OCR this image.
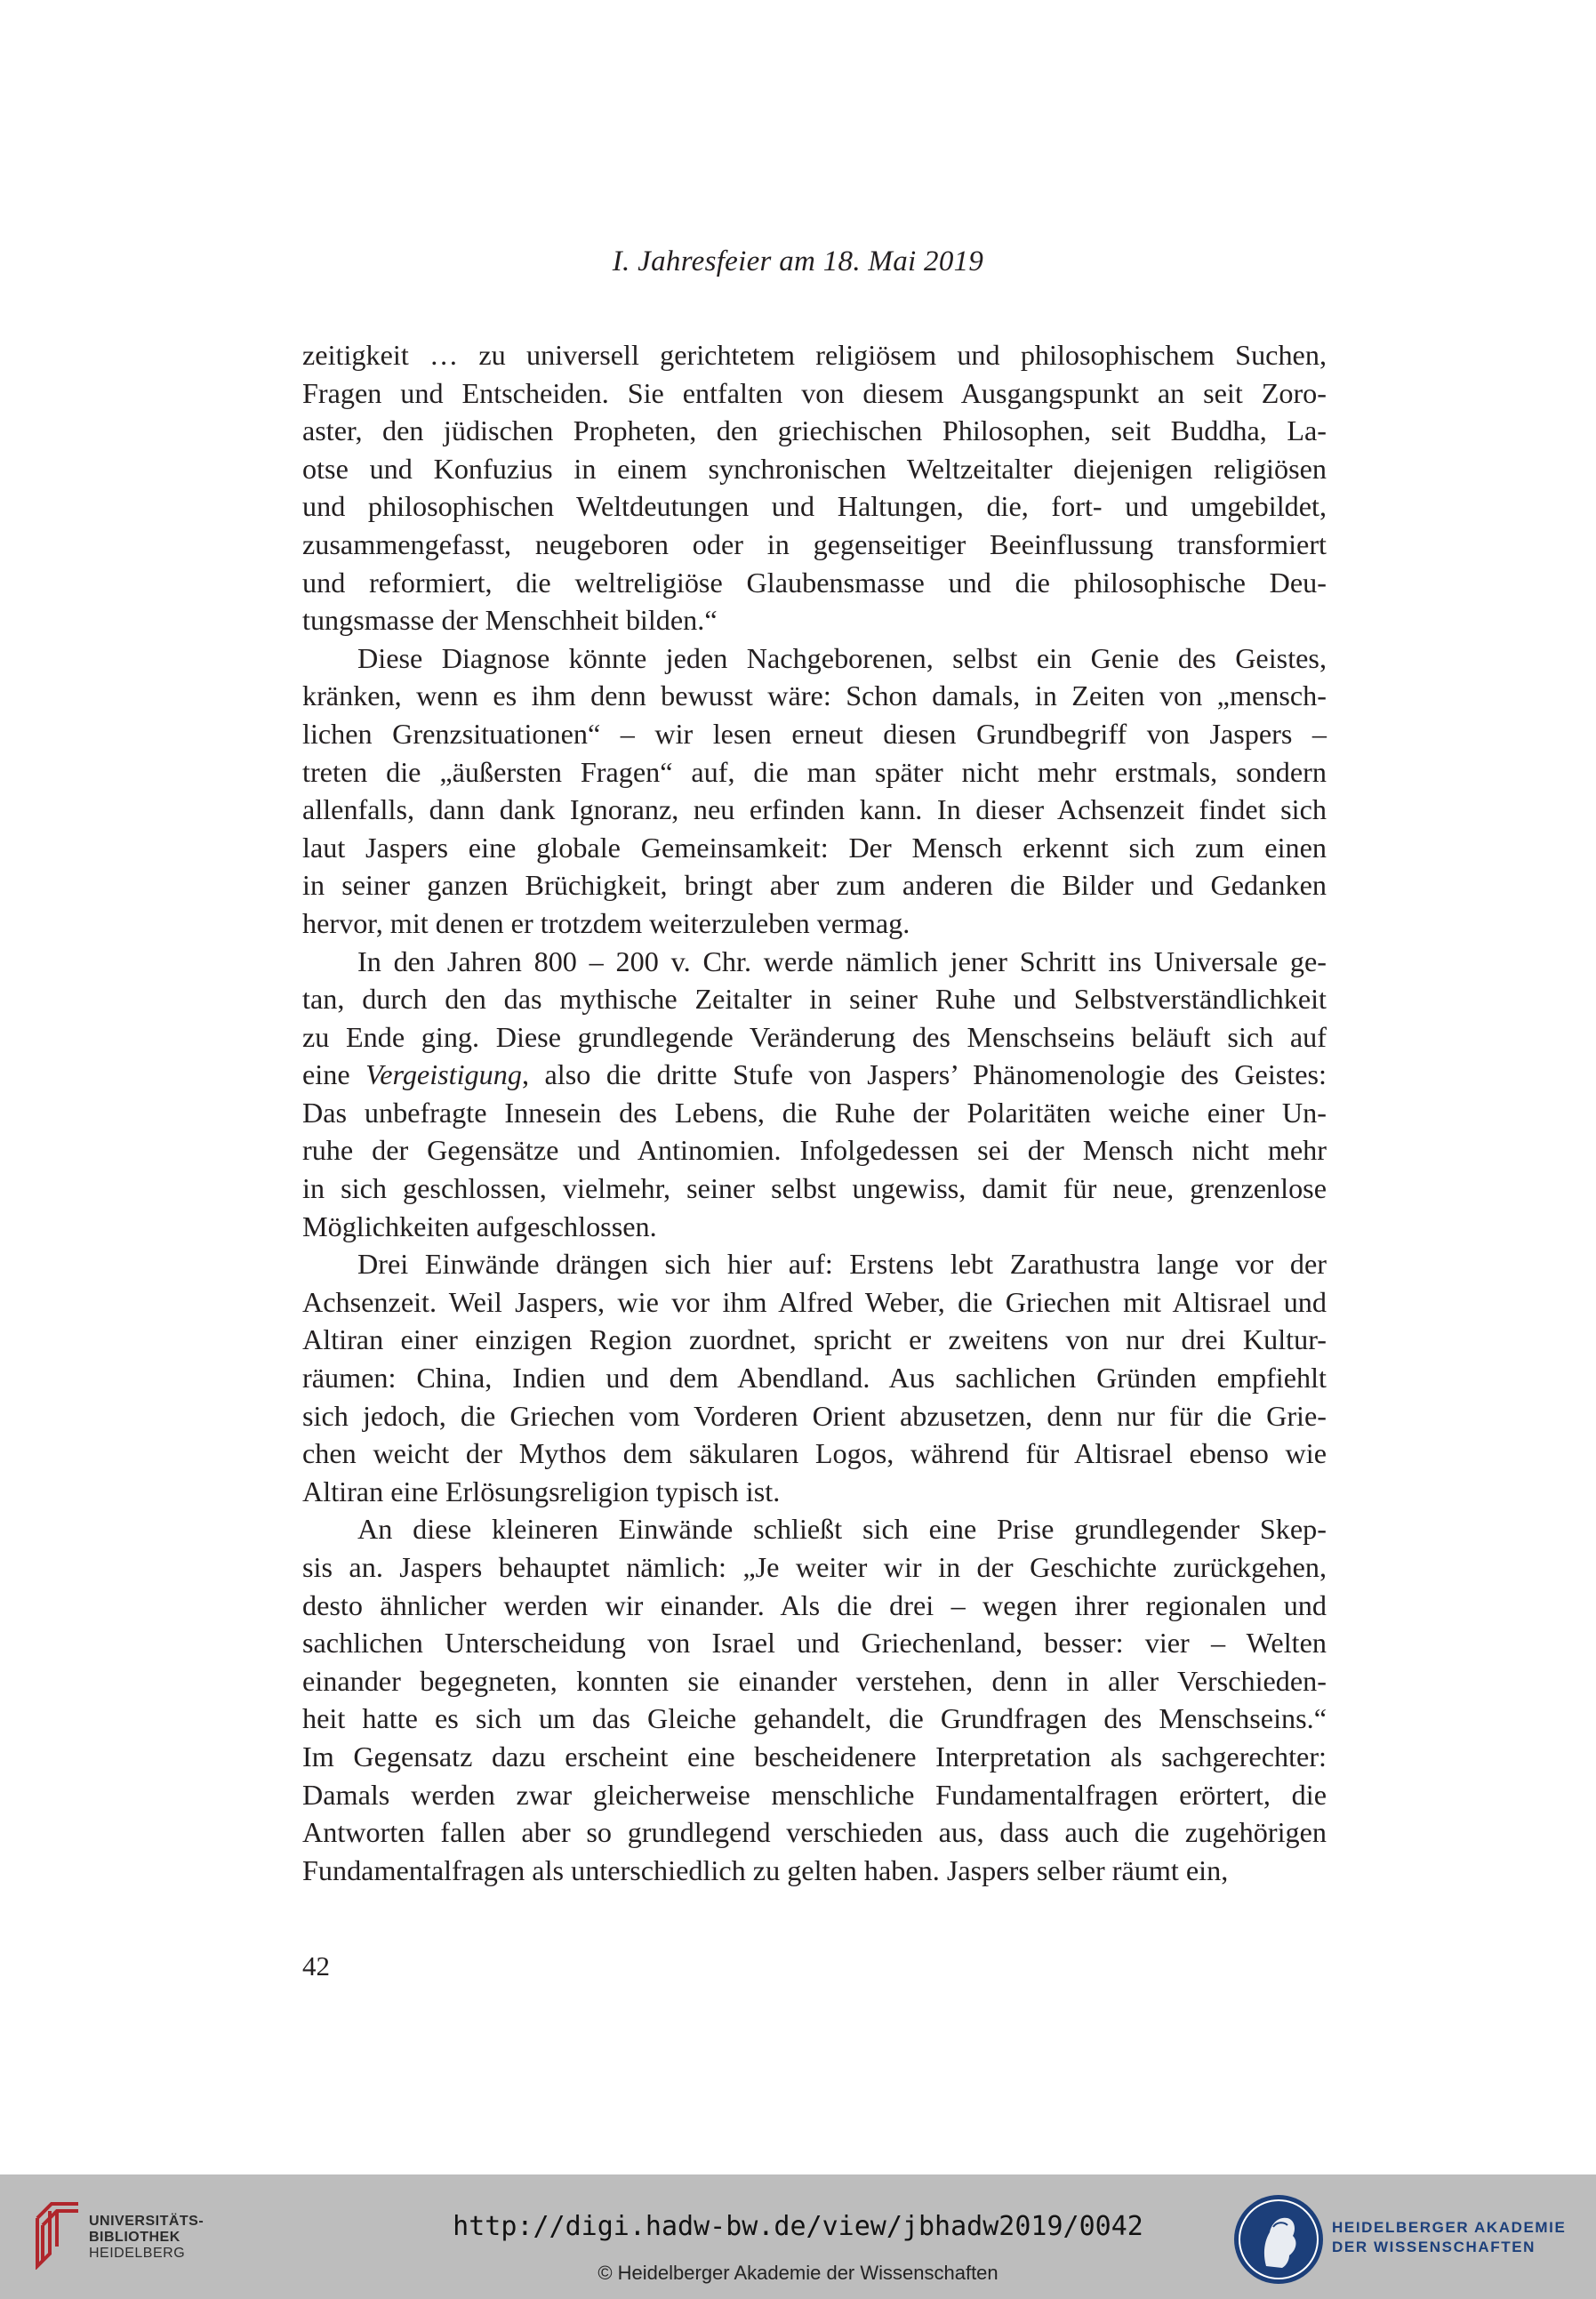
I. Jahresfeier am 18. Mai 2019

zeitigkeit … zu universell gerichtetem religiösem und philosophischem Suchen,
Fragen und Entscheiden. Sie entfalten von diesem Ausgangspunkt an seit Zoro-
aster, den jüdischen Propheten, den griechischen Philosophen, seit Buddha, La-
otse und Konfuzius in einem synchronischen Weltzeitalter diejenigen religiösen
und philosophischen Weltdeutungen und Haltungen, die, fort- und umgebildet,
zusammengefasst, neugeboren oder in gegenseitiger Beeinflussung transformiert
und reformiert, die weltreligiöse Glaubensmasse und die philosophische Deu-
tungsmasse der Menschheit bilden.“

Diese Diagnose könnte jeden Nachgeborenen, selbst ein Genie des Geistes,
kränken, wenn es ihm denn bewusst wäre: Schon damals, in Zeiten von „mensch-
lichen Grenzsituationen“ – wir lesen erneut diesen Grundbegriff von Jaspers –
treten die „äußersten Fragen“ auf, die man später nicht mehr erstmals, sondern
allenfalls, dann dank Ignoranz, neu erfinden kann. In dieser Achsenzeit findet sich
laut Jaspers eine globale Gemeinsamkeit: Der Mensch erkennt sich zum einen
in seiner ganzen Brüchigkeit, bringt aber zum anderen die Bilder und Gedanken
hervor, mit denen er trotzdem weiterzuleben vermag.

In den Jahren 800 – 200 v. Chr. werde nämlich jener Schritt ins Universale ge-
tan, durch den das mythische Zeitalter in seiner Ruhe und Selbstverständlichkeit
zu Ende ging. Diese grundlegende Veränderung des Menschseins beläuft sich auf
eine Vergeistigung, also die dritte Stufe von Jaspers’ Phänomenologie des Geistes:
Das unbefragte Innesein des Lebens, die Ruhe der Polaritäten weiche einer Un-
ruhe der Gegensätze und Antinomien. Infolgedessen sei der Mensch nicht mehr
in sich geschlossen, vielmehr, seiner selbst ungewiss, damit für neue, grenzenlose
Möglichkeiten aufgeschlossen.

Drei Einwände drängen sich hier auf: Erstens lebt Zarathustra lange vor der
Achsenzeit. Weil Jaspers, wie vor ihm Alfred Weber, die Griechen mit Altisrael und
Altiran einer einzigen Region zuordnet, spricht er zweitens von nur drei Kultur-
räumen: China, Indien und dem Abendland. Aus sachlichen Gründen empfiehlt
sich jedoch, die Griechen vom Vorderen Orient abzusetzen, denn nur für die Grie-
chen weicht der Mythos dem säkularen Logos, während für Altisrael ebenso wie
Altiran eine Erlösungsreligion typisch ist.

An diese kleineren Einwände schließt sich eine Prise grundlegender Skep-
sis an. Jaspers behauptet nämlich: „Je weiter wir in der Geschichte zurückgehen,
desto ähnlicher werden wir einander. Als die drei – wegen ihrer regionalen und
sachlichen Unterscheidung von Israel und Griechenland, besser: vier – Welten
einander begegneten, konnten sie einander verstehen, denn in aller Verschieden-
heit hatte es sich um das Gleiche gehandelt, die Grundfragen des Menschseins.“
Im Gegensatz dazu erscheint eine bescheidenere Interpretation als sachgerechter:
Damals werden zwar gleicherweise menschliche Fundamentalfragen erörtert, die
Antworten fallen aber so grundlegend verschieden aus, dass auch die zugehörigen
Fundamentalfragen als unterschiedlich zu gelten haben. Jaspers selber räumt ein,

42
UNIVERSITÄTS-
BIBLIOTHEK
HEIDELBERG
http://digi.hadw-bw.de/view/jbhadw2019/0042
© Heidelberger Akademie der Wissenschaften
HEIDELBERGER AKADEMIE
DER WISSENSCHAFTEN
